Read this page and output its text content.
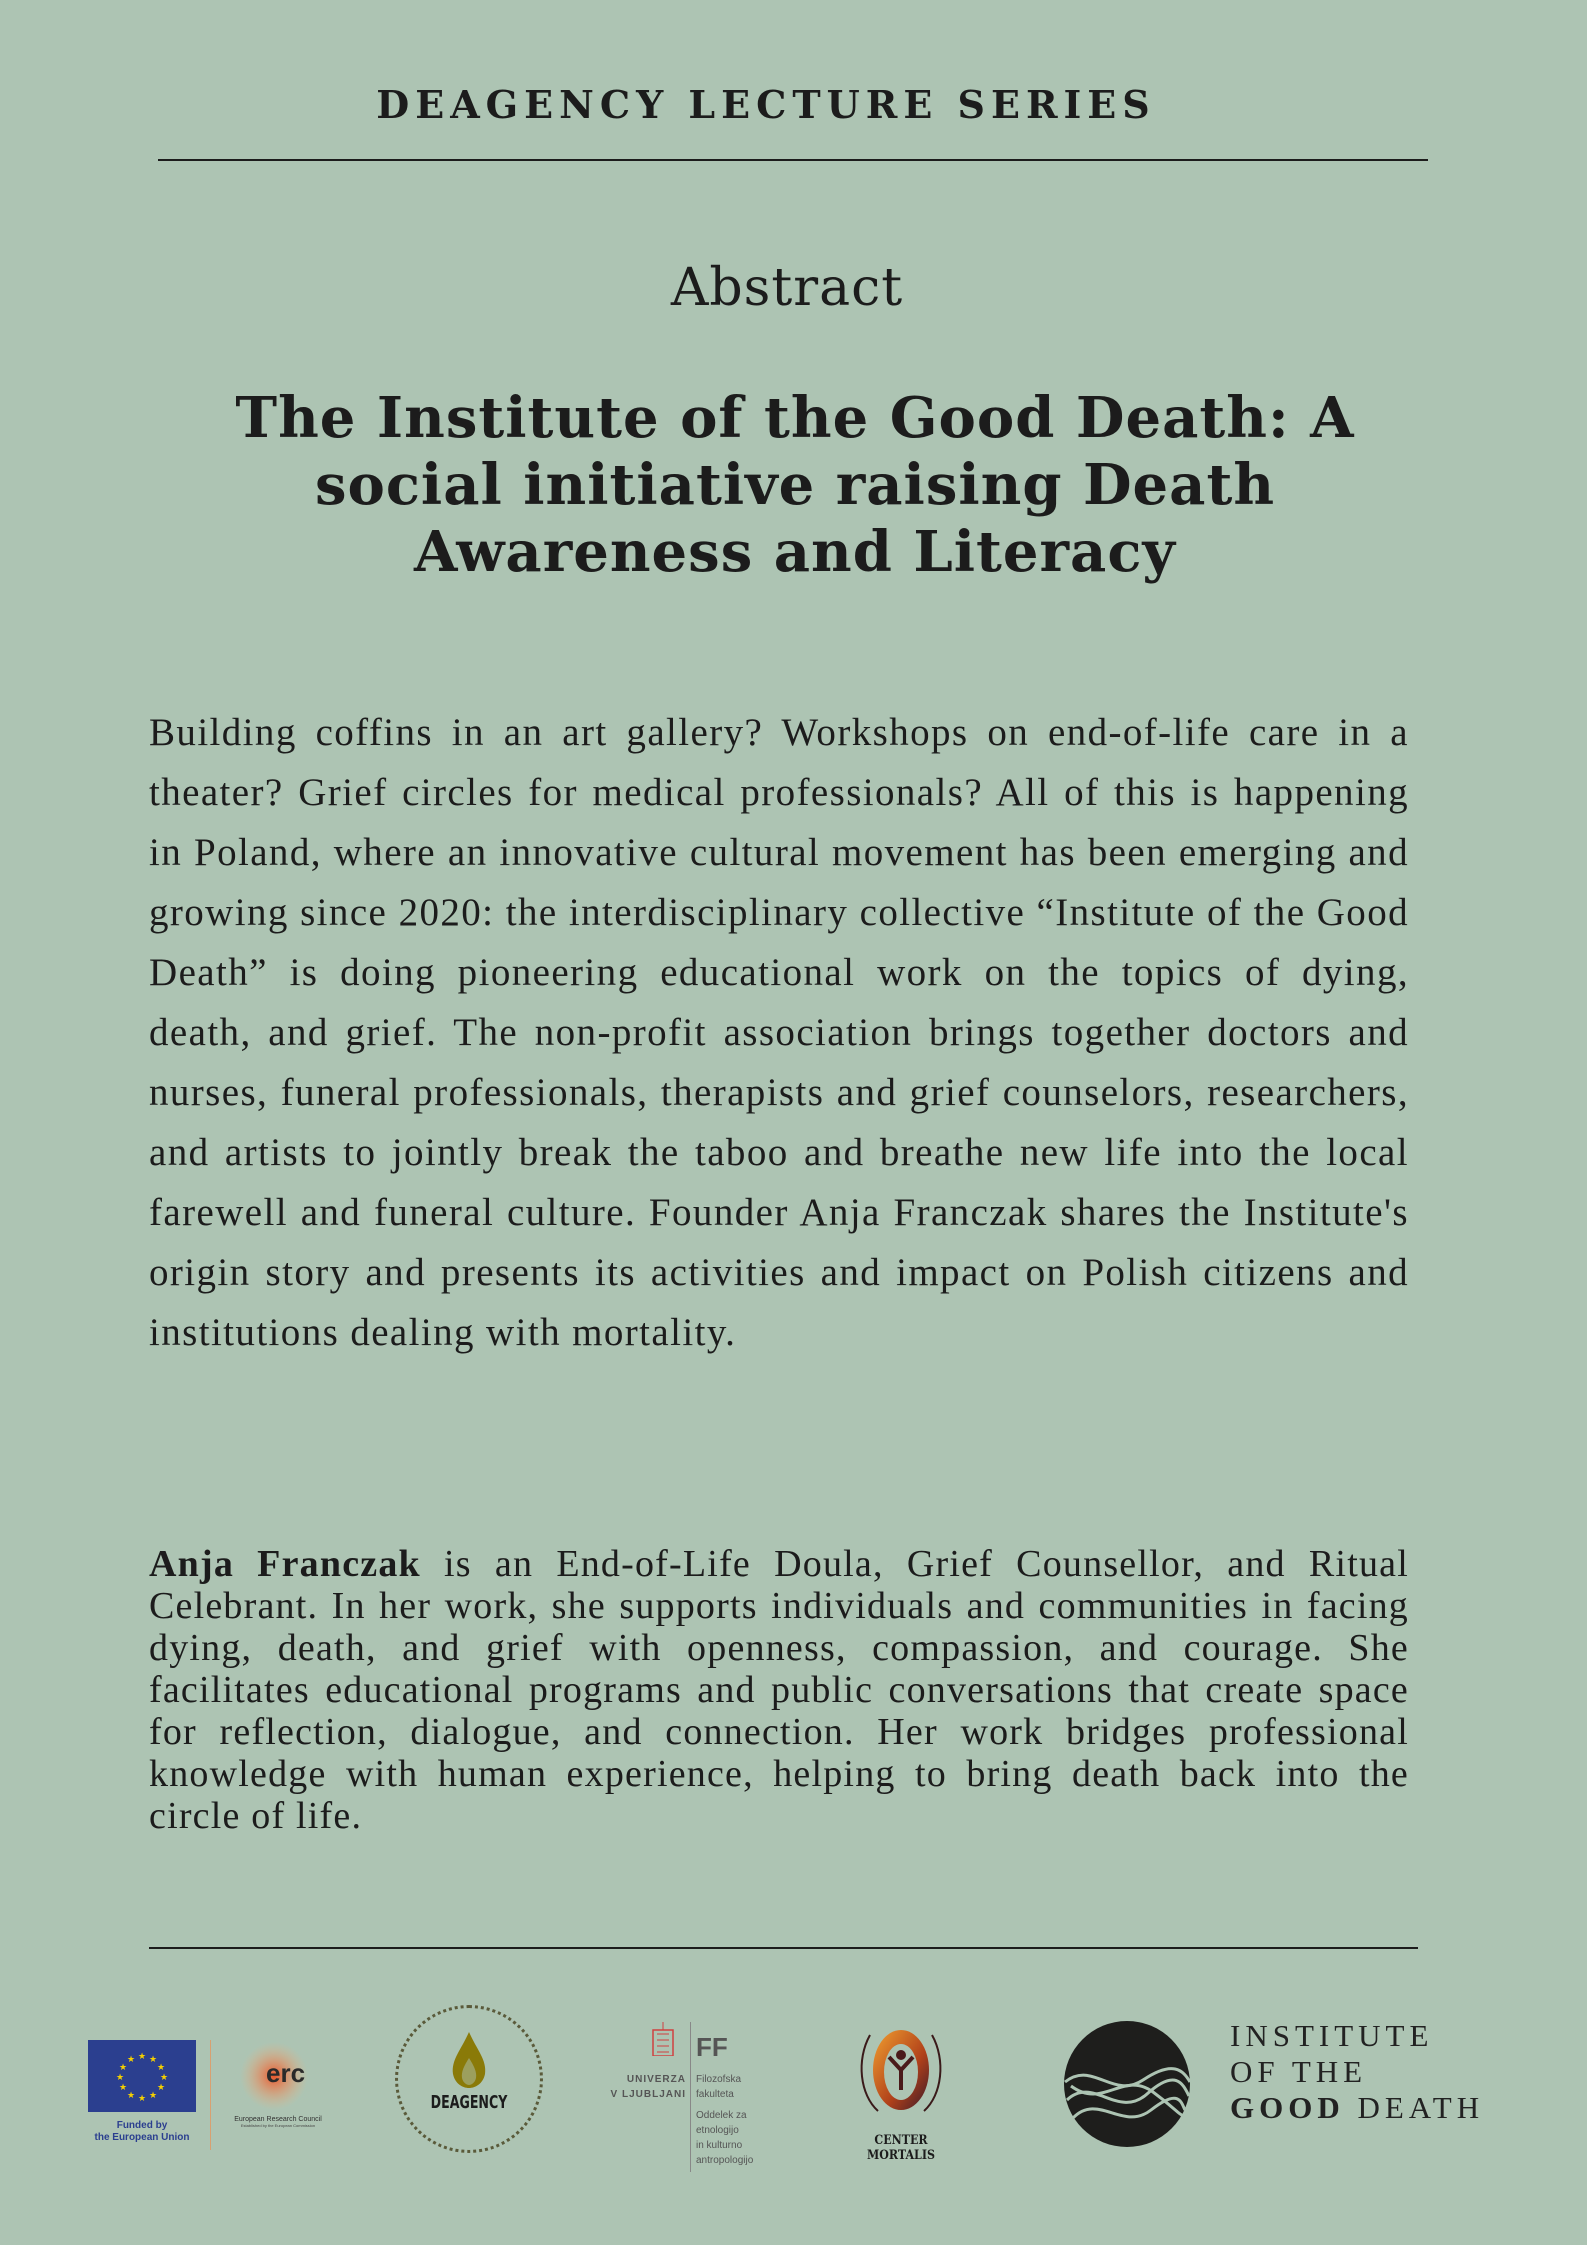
DEAGENCY LECTURE SERIES
Abstract
The Institute of the Good Death: A social initiative raising Death Awareness and Literacy

Building coffins in an art gallery? Workshops on end-of-life care in a theater? Grief circles for medical professionals? All of this is happening in Poland, where an innovative cultural movement has been emerging and growing since 2020: the interdisciplinary collective “Institute of the Good Death” is doing pioneering educational work on the topics of dying, death, and grief. The non-profit association brings together doctors and nurses, funeral professionals, therapists and grief counselors, researchers, and artists to jointly break the taboo and breathe new life into the local farewell and funeral culture. Founder Anja Franczak shares the Institute's origin story and presents its activities and impact on Polish citizens and institutions dealing with mortality.

Anja Franczak is an End-of-Life Doula, Grief Counsellor, and Ritual Celebrant. In her work, she supports individuals and communities in facing dying, death, and grief with openness, compassion, and courage. She facilitates educational programs and public conversations that create space for reflection, dialogue, and connection. Her work bridges professional knowledge with human experience, helping to bring death back into the circle of life.

★ ★
★
★
★
★
★
★
★
★
★
★
Funded by
the European Union
erc
European Research Council
Established by the European Commission
DEAGENCY
FF
UNIVERZA
V LJUBLJANI
Filozofska
fakulteta
Oddelek za
etnologijo
in kulturno
antropologijo
CENTER MORTALIS
INSTITUTE
OF THE
GOOD DEATH
